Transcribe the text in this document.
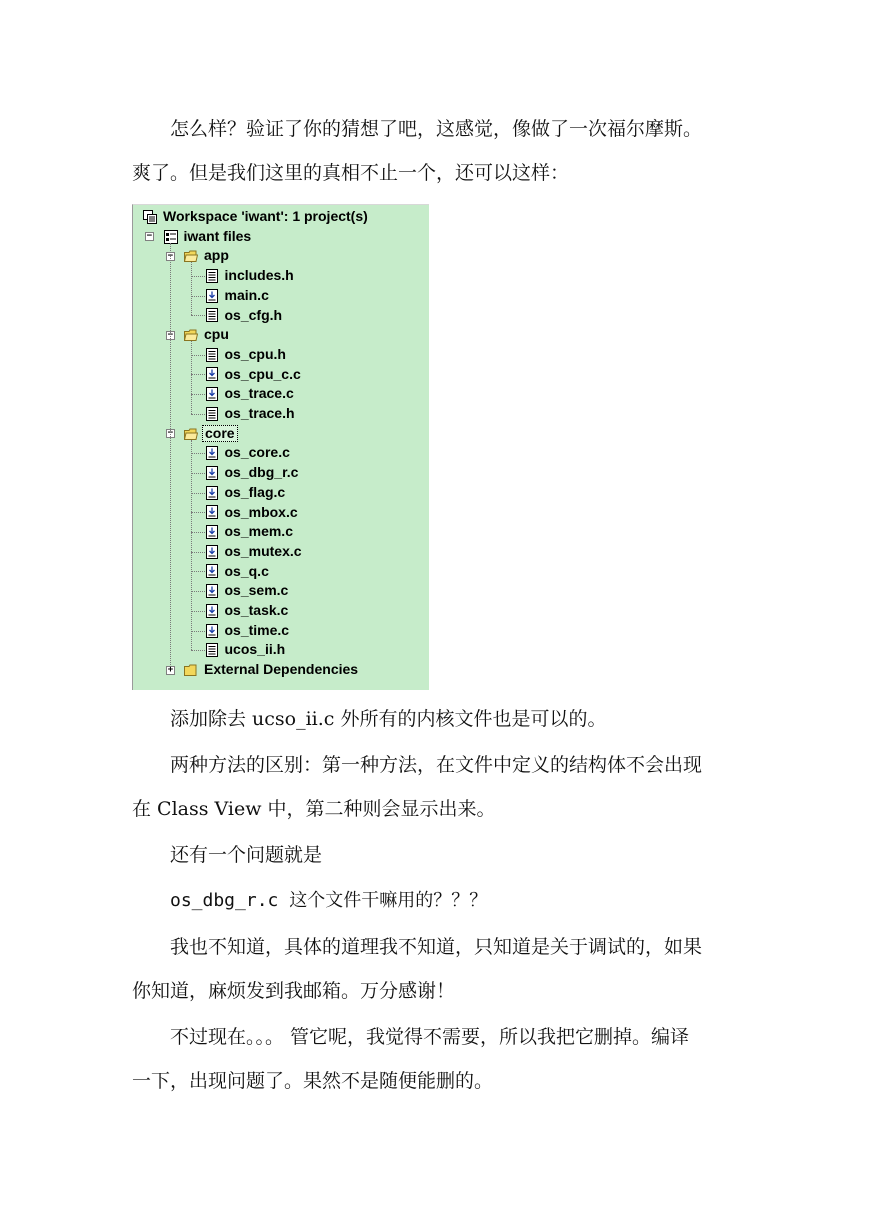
怎么样？验证了你的猜想了吧，这感觉，像做了一次福尔摩斯。

爽了。但是我们这里的真相不止一个，还可以这样：

Workspace 'iwant': 1 project(s)
− iwant files
− app
includes.h
main.c
os_cfg.h
− cpu
os_cpu.h
os_cpu_c.c
os_trace.c
os_trace.h
− core
os_core.c
os_dbg_r.c
os_flag.c
os_mbox.c
os_mem.c
os_mutex.c
os_q.c
os_sem.c
os_task.c
os_time.c
ucos_ii.h
+ External Dependencies

添加除去 ucso_ii.c 外所有的内核文件也是可以的。

两种方法的区别：第一种方法，在文件中定义的结构体不会出现

在 Class View 中，第二种则会显示出来。

还有一个问题就是

os_dbg_r.c 这个文件干嘛用的？？？

我也不知道，具体的道理我不知道，只知道是关于调试的，如果

你知道，麻烦发到我邮箱。万分感谢！

不过现在。。。 管它呢，我觉得不需要，所以我把它删掉。编译

一下，出现问题了。果然不是随便能删的。
